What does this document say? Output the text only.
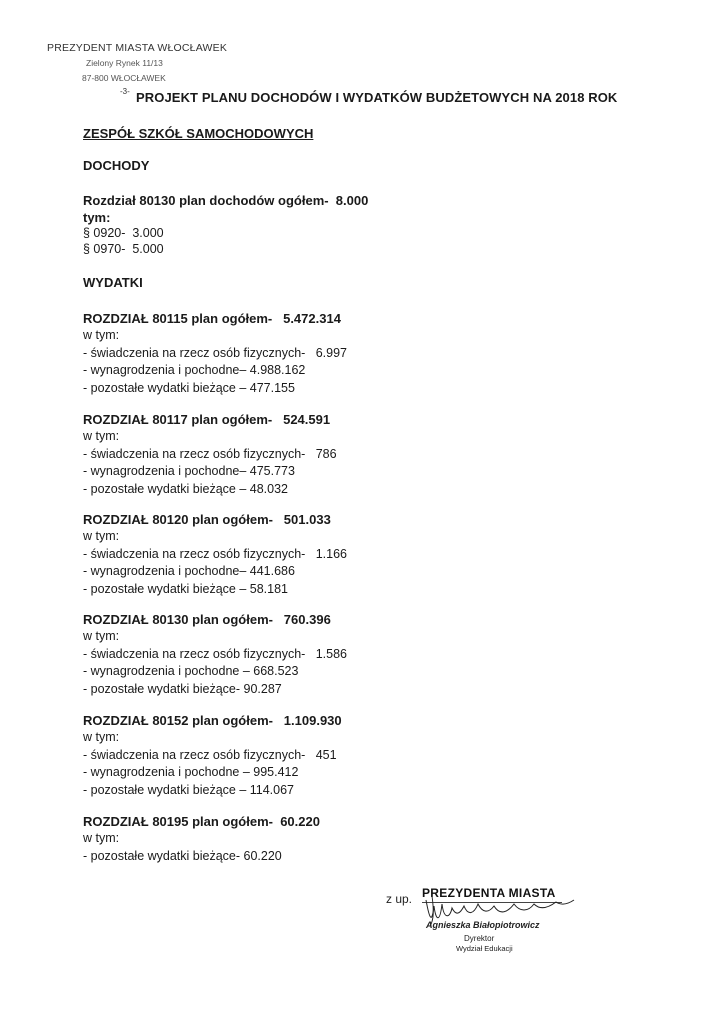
PREZYDENT MIASTA WŁOCŁAWEK
Zielony Rynek 11/13
87-800 WŁOCŁAWEK
-3- PROJEKT PLANU DOCHODÓW I WYDATKÓW BUDŻETOWYCH NA 2018 ROK
ZESPÓŁ SZKÓŁ SAMOCHODOWYCH
DOCHODY
Rozdział 80130 plan dochodów ogółem-  8.000
tym:
§ 0920-  3.000
§ 0970-  5.000
WYDATKI
ROZDZIAŁ 80115 plan ogółem-   5.472.314
w tym:
- świadczenia na rzecz osób fizycznych-   6.997
- wynagrodzenia i pochodne– 4.988.162
- pozostałe wydatki bieżące – 477.155
ROZDZIAŁ 80117 plan ogółem-   524.591
w tym:
- świadczenia na rzecz osób fizycznych-   786
- wynagrodzenia i pochodne– 475.773
- pozostałe wydatki bieżące – 48.032
ROZDZIAŁ 80120 plan ogółem-   501.033
w tym:
- świadczenia na rzecz osób fizycznych-   1.166
- wynagrodzenia i pochodne– 441.686
- pozostałe wydatki bieżące – 58.181
ROZDZIAŁ 80130 plan ogółem-   760.396
w tym:
- świadczenia na rzecz osób fizycznych-   1.586
- wynagrodzenia i pochodne – 668.523
- pozostałe wydatki bieżące- 90.287
ROZDZIAŁ 80152 plan ogółem-   1.109.930
w tym:
- świadczenia na rzecz osób fizycznych-   451
- wynagrodzenia i pochodne – 995.412
- pozostałe wydatki bieżące – 114.067
ROZDZIAŁ 80195 plan ogółem-  60.220
w tym:
- pozostałe wydatki bieżące- 60.220
z up. PREZYDENTA MIASTA
Agnieszka Białopiotrowicz
Dyrektor
Wydział Edukacji
